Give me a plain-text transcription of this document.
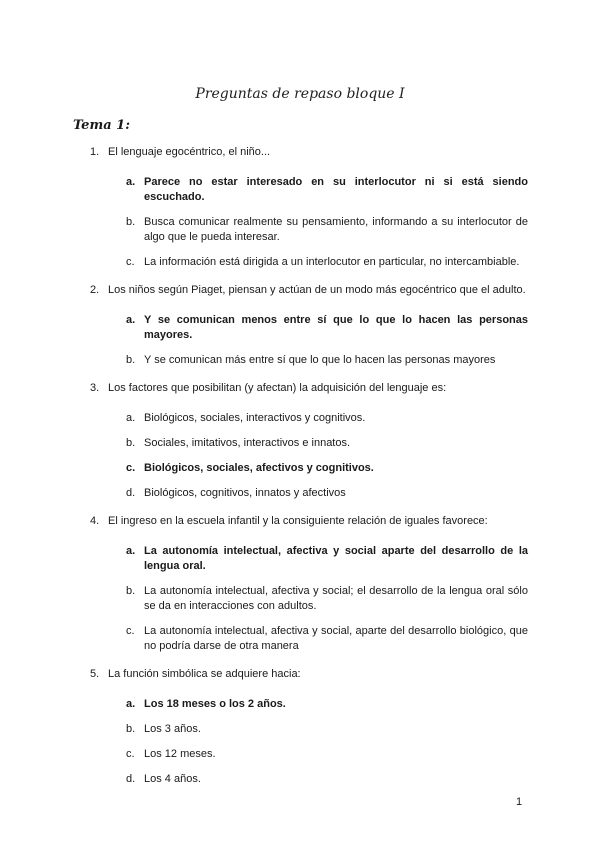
Preguntas de repaso bloque I
Tema 1:
1. El lenguaje egocéntrico, el niño...
a. Parece no estar interesado en su interlocutor ni si está siendo escuchado.
b. Busca comunicar realmente su pensamiento, informando a su interlocutor de algo que le pueda interesar.
c. La información está dirigida a un interlocutor en particular, no intercambiable.
2. Los niños según Piaget, piensan y actúan de un modo más egocéntrico que el adulto.
a. Y se comunican menos entre sí que lo que lo hacen las personas mayores.
b. Y se comunican más entre sí que lo que lo hacen las personas mayores
3. Los factores que posibilitan (y afectan) la adquisición del lenguaje es:
a. Biológicos, sociales, interactivos y cognitivos.
b. Sociales, imitativos, interactivos e innatos.
c. Biológicos, sociales, afectivos y cognitivos.
d. Biológicos, cognitivos, innatos y afectivos
4. El ingreso en la escuela infantil y la consiguiente relación de iguales favorece:
a. La autonomía intelectual, afectiva y social aparte del desarrollo de la lengua oral.
b. La autonomía intelectual, afectiva y social; el desarrollo de la lengua oral sólo se da en interacciones con adultos.
c. La autonomía intelectual, afectiva y social, aparte del desarrollo biológico, que no podría darse de otra manera
5. La función simbólica se adquiere hacia:
a. Los 18 meses o los 2 años.
b. Los 3 años.
c. Los 12 meses.
d. Los 4 años.
1
